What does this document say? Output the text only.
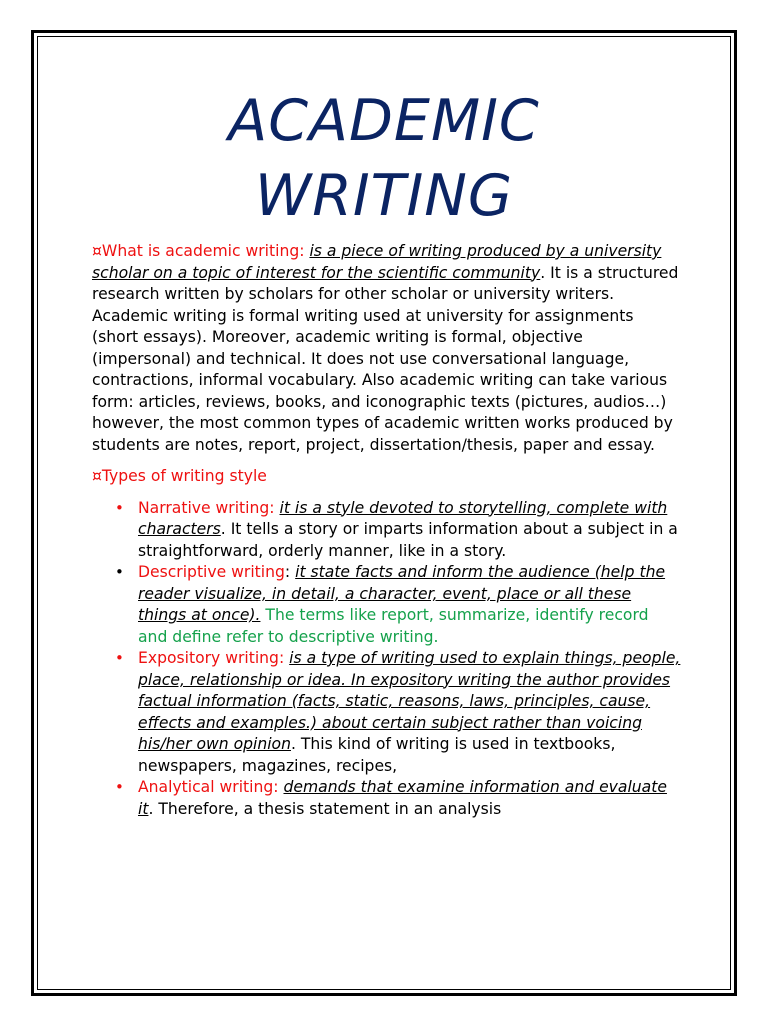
ACADEMIC
WRITING

¤What is academic writing: is a piece of writing produced by a university scholar on a topic of interest for the scientific community. It is a structured research written by scholars for other scholar or university writers. Academic writing is formal writing used at university for assignments (short essays). Moreover, academic writing is formal, objective (impersonal) and technical. It does not use conversational language, contractions, informal vocabulary. Also academic writing can take various form: articles, reviews, books, and iconographic texts (pictures, audios…) however, the most common types of academic written works produced by students are notes, report, project, dissertation/thesis, paper and essay.

¤Types of writing style

• Narrative writing: it is a style devoted to storytelling, complete with characters. It tells a story or imparts information about a subject in a straightforward, orderly manner, like in a story.
• Descriptive writing: it state facts and inform the audience (help the reader visualize, in detail, a character, event, place or all these things at once). The terms like report, summarize, identify record and define refer to descriptive writing.
• Expository writing: is a type of writing used to explain things, people, place, relationship or idea. In expository writing the author provides factual information (facts, static, reasons, laws, principles, cause, effects and examples.) about certain subject rather than voicing his/her own opinion. This kind of writing is used in textbooks, newspapers, magazines, recipes,
• Analytical writing: demands that examine information and evaluate it. Therefore, a thesis statement in an analysis
